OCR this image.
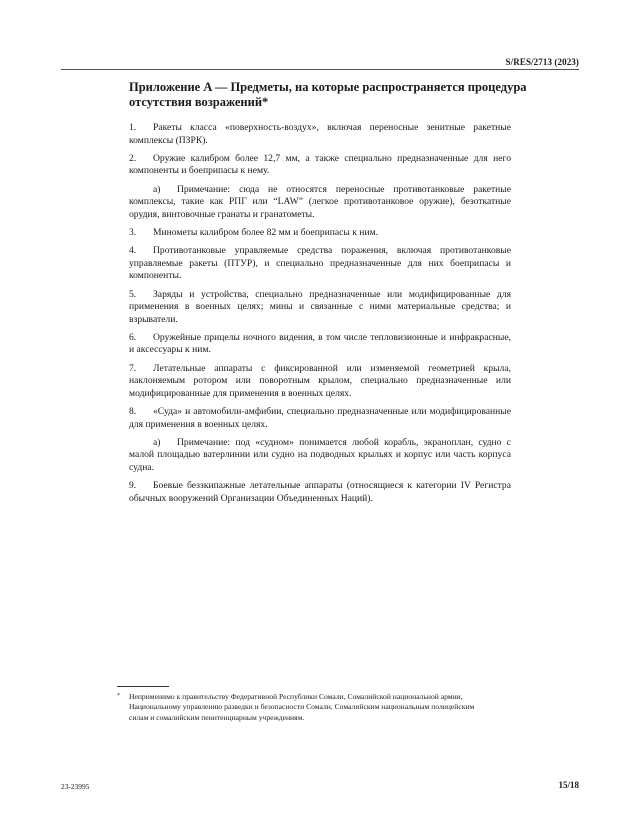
S/RES/2713 (2023)
Приложение A — Предметы, на которые распространяется процедура отсутствия возражений*

1. Ракеты класса «поверхность-воздух», включая переносные зенитные ракетные комплексы (ПЗРК).

2. Оружие калибром более 12,7 мм, а также специально предназначенные для него компоненты и боеприпасы к нему.

a) Примечание: сюда не относятся переносные противотанковые ракетные комплексы, такие как РПГ или “LAW” (легкое противотанковое оружие), безоткатные орудия, винтовочные гранаты и гранатометы.

3. Минометы калибром более 82 мм и боеприпасы к ним.

4. Противотанковые управляемые средства поражения, включая противотанковые управляемые ракеты (ПТУР), и специально предназначенные для них боеприпасы и компоненты.

5. Заряды и устройства, специально предназначенные или модифицированные для применения в военных целях; мины и связанные с ними материальные средства; и взрыватели.

6. Оружейные прицелы ночного видения, в том числе тепловизионные и инфракрасные, и аксессуары к ним.

7. Летательные аппараты с фиксированной или изменяемой геометрией крыла, наклоняемым ротором или поворотным крылом, специально предназначенные или модифицированные для применения в военных целях.

8. «Суда» и автомобили-амфибии, специально предназначенные или модифицированные для применения в военных целях.

a) Примечание: под «судном» понимается любой корабль, экраноплан, судно с малой площадью ватерлинии или судно на подводных крыльях и корпус или часть корпуса судна.

9. Боевые беззкипажные летательные аппараты (относящиеся к категории IV Регистра обычных вооружений Организации Объединенных Наций).

* Неприменимо к правительству Федеративной Республики Сомали, Сомалийской национальной армии, Национальному управлению разведки и безопасности Сомали, Сомалийским национальным полицейским силам и сомалийским пенитенциарным учреждениям.
23-23995	15/18
